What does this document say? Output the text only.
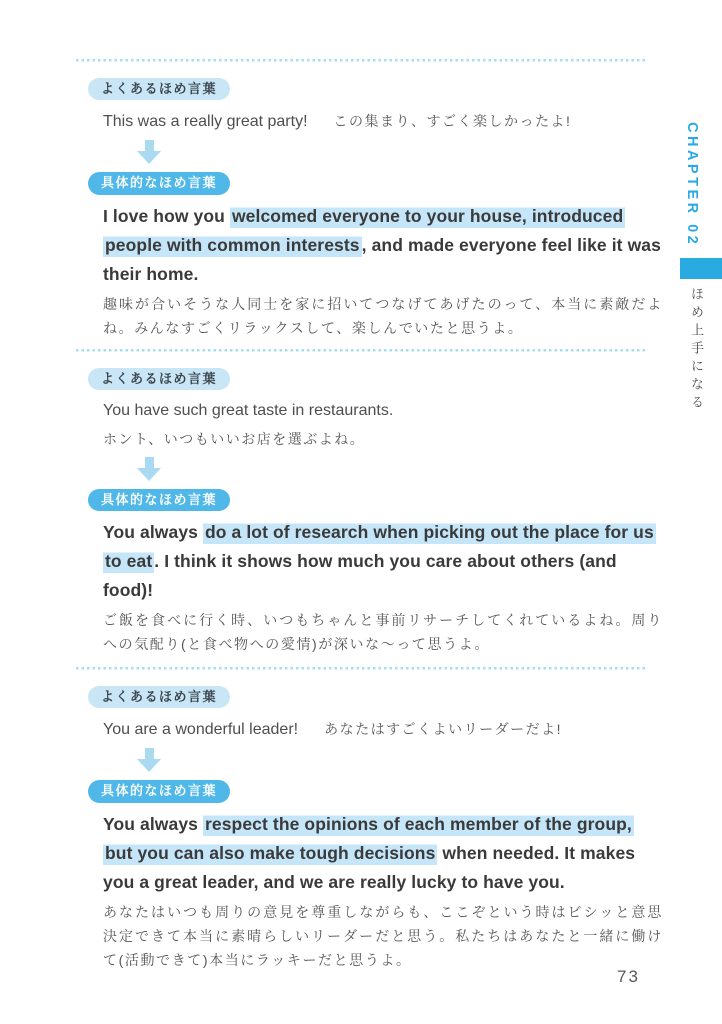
よくあるほめ言葉
This was a really great party! この集まり、すごく楽しかったよ!
具体的なほめ言葉
I love how you welcomed everyone to your house, introduced people with common interests , and made everyone feel like it was their home.
趣味が合いそうな人同士を家に招いてつなげてあげたのって、本当に素敵だよね。みんなすごくリラックスして、楽しんでいたと思うよ。
よくあるほめ言葉
You have such great taste in restaurants.
ホント、いつもいいお店を選ぶよね。
具体的なほめ言葉
You always do a lot of research when picking out the place for us to eat . I think it shows how much you care about others (and food)!
ご飯を食べに行く時、いつもちゃんと事前リサーチしてくれているよね。周りへの気配り(と食べ物への愛情)が深いな〜って思うよ。
よくあるほめ言葉
You are a wonderful leader! あなたはすごくよいリーダーだよ!
具体的なほめ言葉
You always respect the opinions of each member of the group, but you can also make tough decisions when needed. It makes you a great leader, and we are really lucky to have you.
あなたはいつも周りの意見を尊重しながらも、ここぞという時はビシッと意思決定できて本当に素晴らしいリーダーだと思う。私たちはあなたと一緒に働けて(活動できて)本当にラッキーだと思うよ。
CHAPTER 02
ほめ上手になる
73
